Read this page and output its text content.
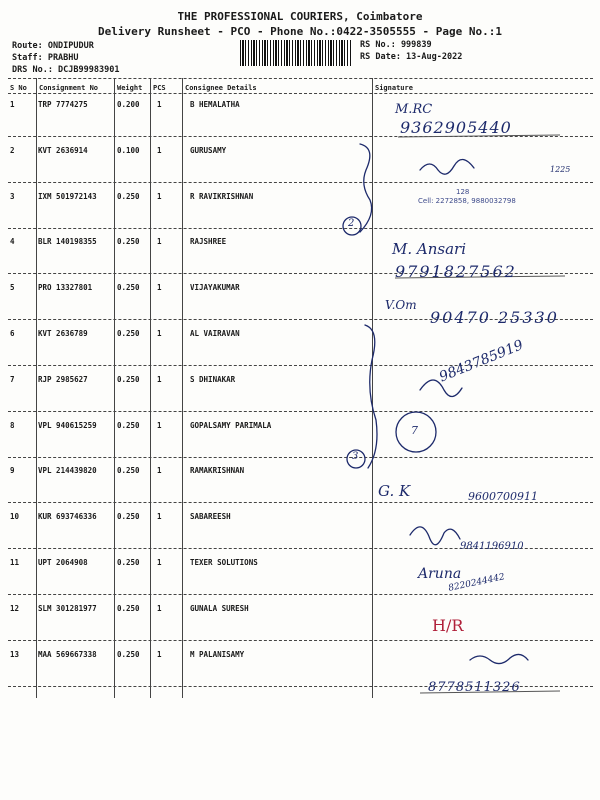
THE PROFESSIONAL COURIERS, Coimbatore
Delivery Runsheet - PCO - Phone No.:0422-3505555 - Page No.:1
Route: ONDIPUDUR
Staff: PRABHU
DRS No.: DCJB99983901
RS No.: 999839
RS Date: 13-Aug-2022
S No Consignment No	Weight PCS	Consignee Details	Signature
1	TRP 7774275	0.200 1	B HEMALATHA
2	KVT 2636914	0.100 1	GURUSAMY
3	IXM 501972143	0.250 1	R RAVIKRISHNAN
4	BLR 140198355	0.250 1	RAJSHREE
5	PRO 13327801	0.250 1	VIJAYAKUMAR
6	KVT 2636789	0.250 1	AL VAIRAVAN
7	RJP 2985627	0.250 1	S DHINAKAR
8	VPL 940615259	0.250 1	GOPALSAMY PARIMALA
9	VPL 214439820	0.250 1	RAMAKRISHNAN
10	KUR 693746336	0.250 1	SABAREESH
11	UPT 2064908	0.250 1	TEXER SOLUTIONS
12	SLM 301281977	0.250 1	GUNALA SURESH
13	MAA 569667338	0.250 1	M PALANISAMY
M.RC
9362905440
1225
128
Cell: 2272858, 9880032798
2
M. Ansari
9791827562
V.Om
90470 25330
9843785919
7
3
G. K	9600700911
9841196910
Aruna
8220244442
H/R
8778511326
